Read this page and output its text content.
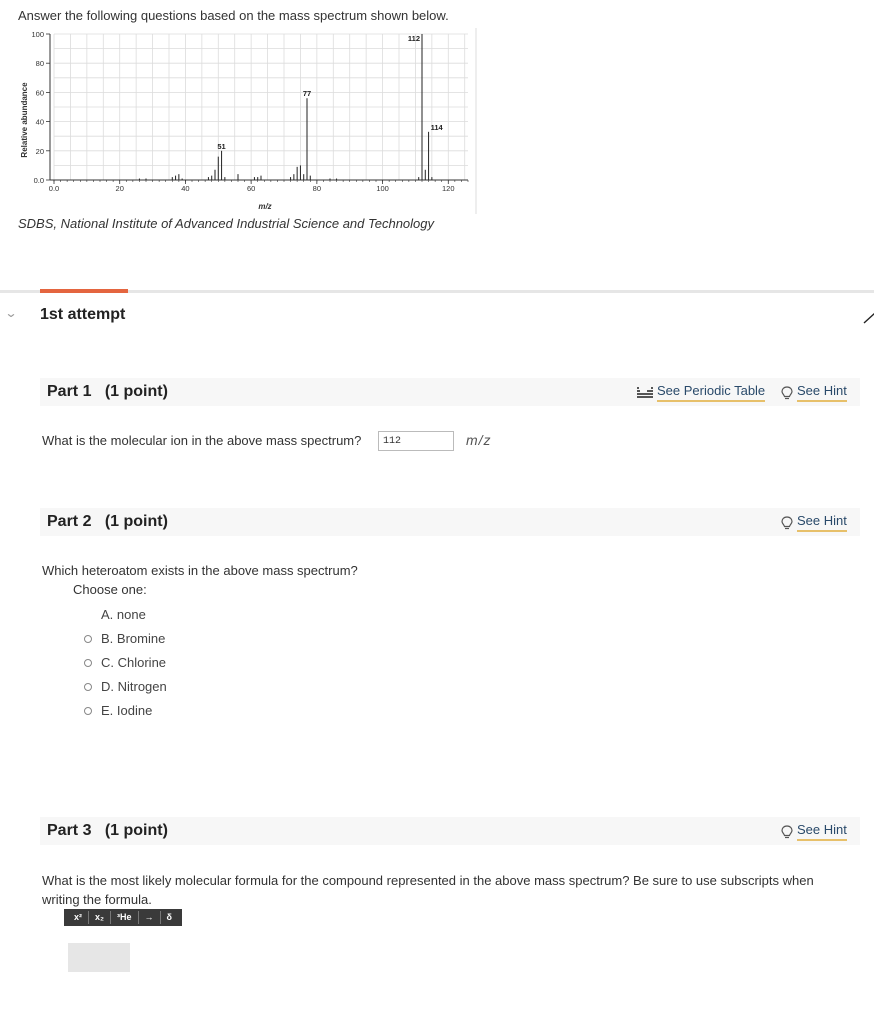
Answer the following questions based on the mass spectrum shown below.
0.0	20	40	60	80	100	120
0.0
20
40
60
80
100
51
77
112
114
Relative abundance
m/z
SDBS, National Institute of Advanced Industrial Science and Technology
⌄ 1st attempt
Part 1 (1 point)	See Periodic Table See Hint
What is the molecular ion in the above mass spectrum?
112	m/z
Part 2 (1 point)	See Hint
Which heteroatom exists in the above mass spectrum?
Choose one:
A. none
B. Bromine
C. Chlorine
D. Nitrogen
E. Iodine
Part 3 (1 point)	See Hint
What is the most likely molecular formula for the compound represented in the above mass spectrum? Be sure to use subscripts when writing the formula.
x²	x₂	³He	→	δ
